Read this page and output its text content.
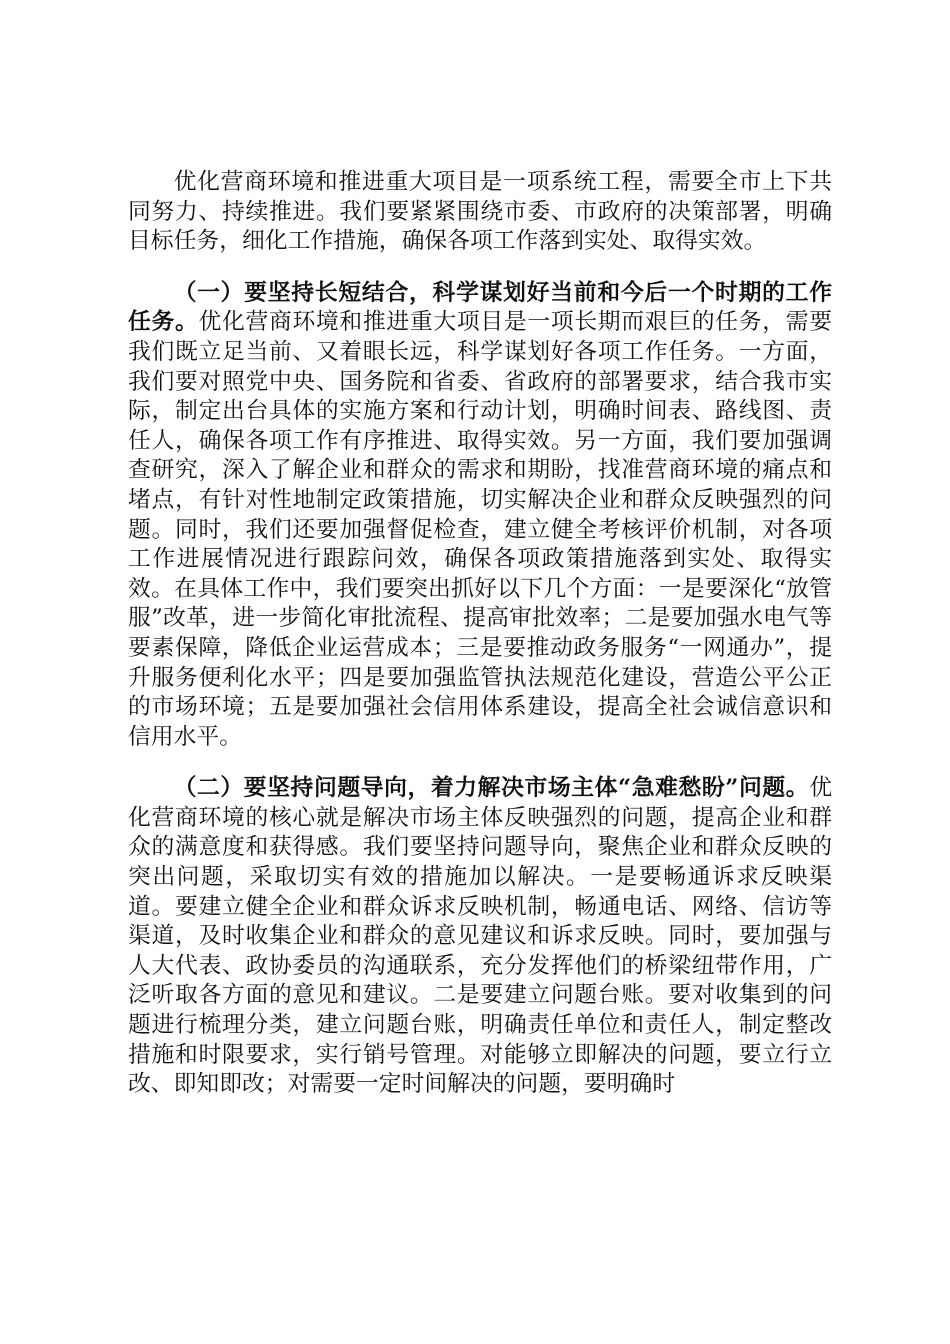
优化营商环境和推进重大项目是一项系统工程，需要全市上下共同努力、持续推进。我们要紧紧围绕市委、市政府的决策部署，明确目标任务，细化工作措施，确保各项工作落到实处、取得实效。

（一）要坚持长短结合，科学谋划好当前和今后一个时期的工作任务。优化营商环境和推进重大项目是一项长期而艰巨的任务，需要我们既立足当前、又着眼长远，科学谋划好各项工作任务。一方面，我们要对照党中央、国务院和省委、省政府的部署要求，结合我市实际，制定出台具体的实施方案和行动计划，明确时间表、路线图、责任人，确保各项工作有序推进、取得实效。另一方面，我们要加强调查研究，深入了解企业和群众的需求和期盼，找准营商环境的痛点和堵点，有针对性地制定政策措施，切实解决企业和群众反映强烈的问题。同时，我们还要加强督促检查，建立健全考核评价机制，对各项工作进展情况进行跟踪问效，确保各项政策措施落到实处、取得实效。在具体工作中，我们要突出抓好以下几个方面：一是要深化“放管服”改革，进一步简化审批流程、提高审批效率；二是要加强水电气等要素保障，降低企业运营成本；三是要推动政务服务“一网通办”，提升服务便利化水平；四是要加强监管执法规范化建设，营造公平公正的市场环境；五是要加强社会信用体系建设，提高全社会诚信意识和信用水平。

（二）要坚持问题导向，着力解决市场主体“急难愁盼”问题。优化营商环境的核心就是解决市场主体反映强烈的问题，提高企业和群众的满意度和获得感。我们要坚持问题导向，聚焦企业和群众反映的突出问题，采取切实有效的措施加以解决。一是要畅通诉求反映渠道。要建立健全企业和群众诉求反映机制，畅通电话、网络、信访等渠道，及时收集企业和群众的意见建议和诉求反映。同时，要加强与人大代表、政协委员的沟通联系，充分发挥他们的桥梁纽带作用，广泛听取各方面的意见和建议。二是要建立问题台账。要对收集到的问题进行梳理分类，建立问题台账，明确责任单位和责任人，制定整改措施和时限要求，实行销号管理。对能够立即解决的问题，要立行立改、即知即改；对需要一定时间解决的问题，要明确时
